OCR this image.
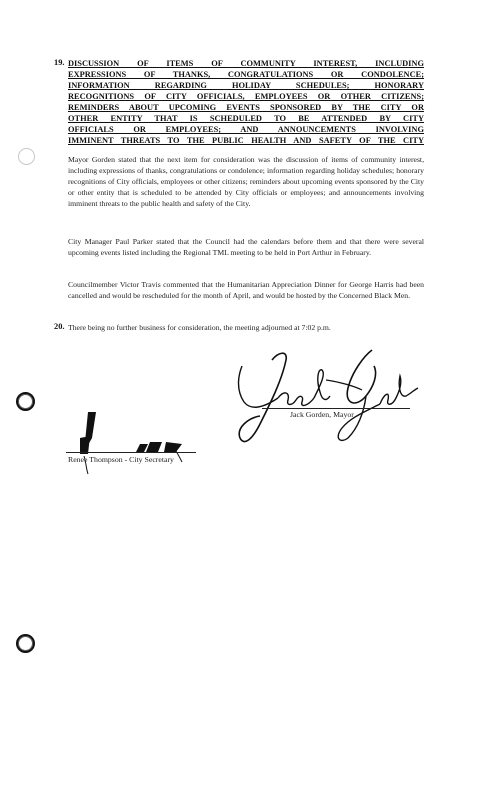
19. DISCUSSION OF ITEMS OF COMMUNITY INTEREST, INCLUDING
EXPRESSIONS OF THANKS, CONGRATULATIONS OR CONDOLENCE;
INFORMATION REGARDING HOLIDAY SCHEDULES; HONORARY
RECOGNITIONS OF CITY OFFICIALS, EMPLOYEES OR OTHER CITIZENS;
REMINDERS ABOUT UPCOMING EVENTS SPONSORED BY THE CITY OR
OTHER ENTITY THAT IS SCHEDULED TO BE ATTENDED BY CITY
OFFICIALS OR EMPLOYEES; AND ANNOUNCEMENTS INVOLVING
IMMINENT THREATS TO THE PUBLIC HEALTH AND SAFETY OF THE CITY
Mayor Gorden stated that the next item for consideration was the discussion of items of community interest, including expressions of thanks, congratulations or condolence; information regarding holiday schedules; honorary recognitions of City officials, employees or other citizens; reminders about upcoming events sponsored by the City or other entity that is scheduled to be attended by City officials or employees; and announcements involving imminent threats to the public health and safety of the City.
City Manager Paul Parker stated that the Council had the calendars before them and that there were several upcoming events listed including the Regional TML meeting to be held in Port Arthur in February.
Councilmember Victor Travis commented that the Humanitarian Appreciation Dinner for George Harris had been cancelled and would be rescheduled for the month of April, and would be hosted by the Concerned Black Men.
20. There being no further business for consideration, the meeting adjourned at 7:02 p.m.
Jack Gorden, Mayor
Renee Thompson - City Secretary
